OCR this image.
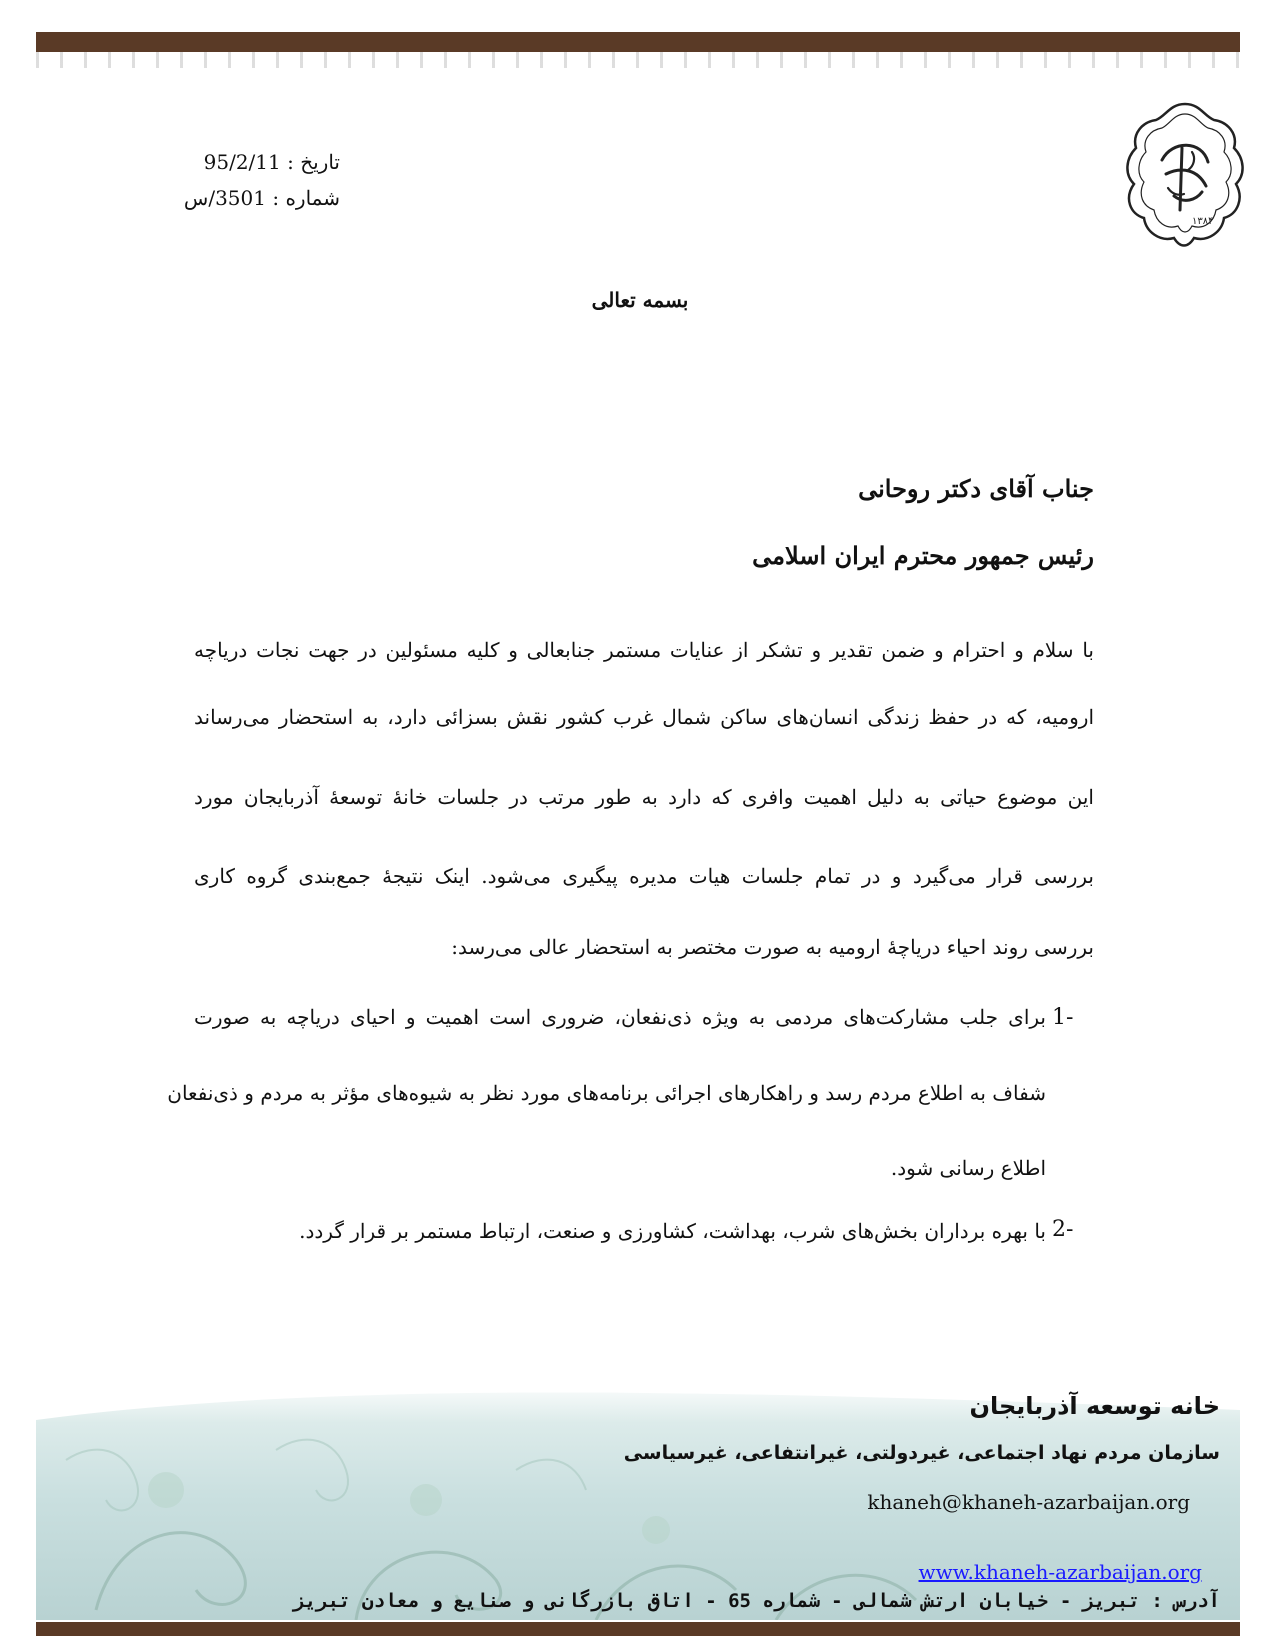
۱۳۸۴
تاریخ : 95/2/11
شماره : 3501/س
بسمه تعالی
جناب آقای دکتر روحانی
رئیس جمهور محترم ایران اسلامی
با سلام و احترام و ضمن تقدیر و تشکر از عنایات مستمر جنابعالی و کلیه مسئولین در جهت نجات دریاچه
ارومیه، که در حفظ زندگی انسان‌های ساکن شمال غرب کشور نقش بسزائی دارد، به استحضار می‌رساند
این موضوع حیاتی به دلیل اهمیت وافری که دارد به طور مرتب در جلسات خانهٔ توسعهٔ آذربایجان مورد
بررسی قرار می‌گیرد و در تمام جلسات هیات مدیره پیگیری می‌شود. اینک نتیجهٔ جمع‌بندی گروه کاری
بررسی روند احیاء دریاچهٔ ارومیه به صورت مختصر به استحضار عالی می‌رسد:
1-
برای جلب مشارکت‌های مردمی به ویژه ذی‌نفعان، ضروری است اهمیت و احیای دریاچه به صورت
شفاف به اطلاع مردم رسد و راهکارهای اجرائی برنامه‌های مورد نظر به شیوه‌های مؤثر به مردم و ذی‌نفعان
اطلاع رسانی شود.
2-
با بهره برداران بخش‌های شرب، بهداشت، کشاورزی و صنعت، ارتباط مستمر بر قرار گردد.
خانه توسعه آذربایجان
سازمان مردم نهاد اجتماعی، غیردولتی، غیرانتفاعی، غیرسیاسی
khaneh@khaneh-azarbaijan.org
www.khaneh-azarbaijan.org
آدرس : تبریز - خیابان ارتش شمالی - شماره 65 - اتاق بازرگانی و صنایع و معادن تبریز
